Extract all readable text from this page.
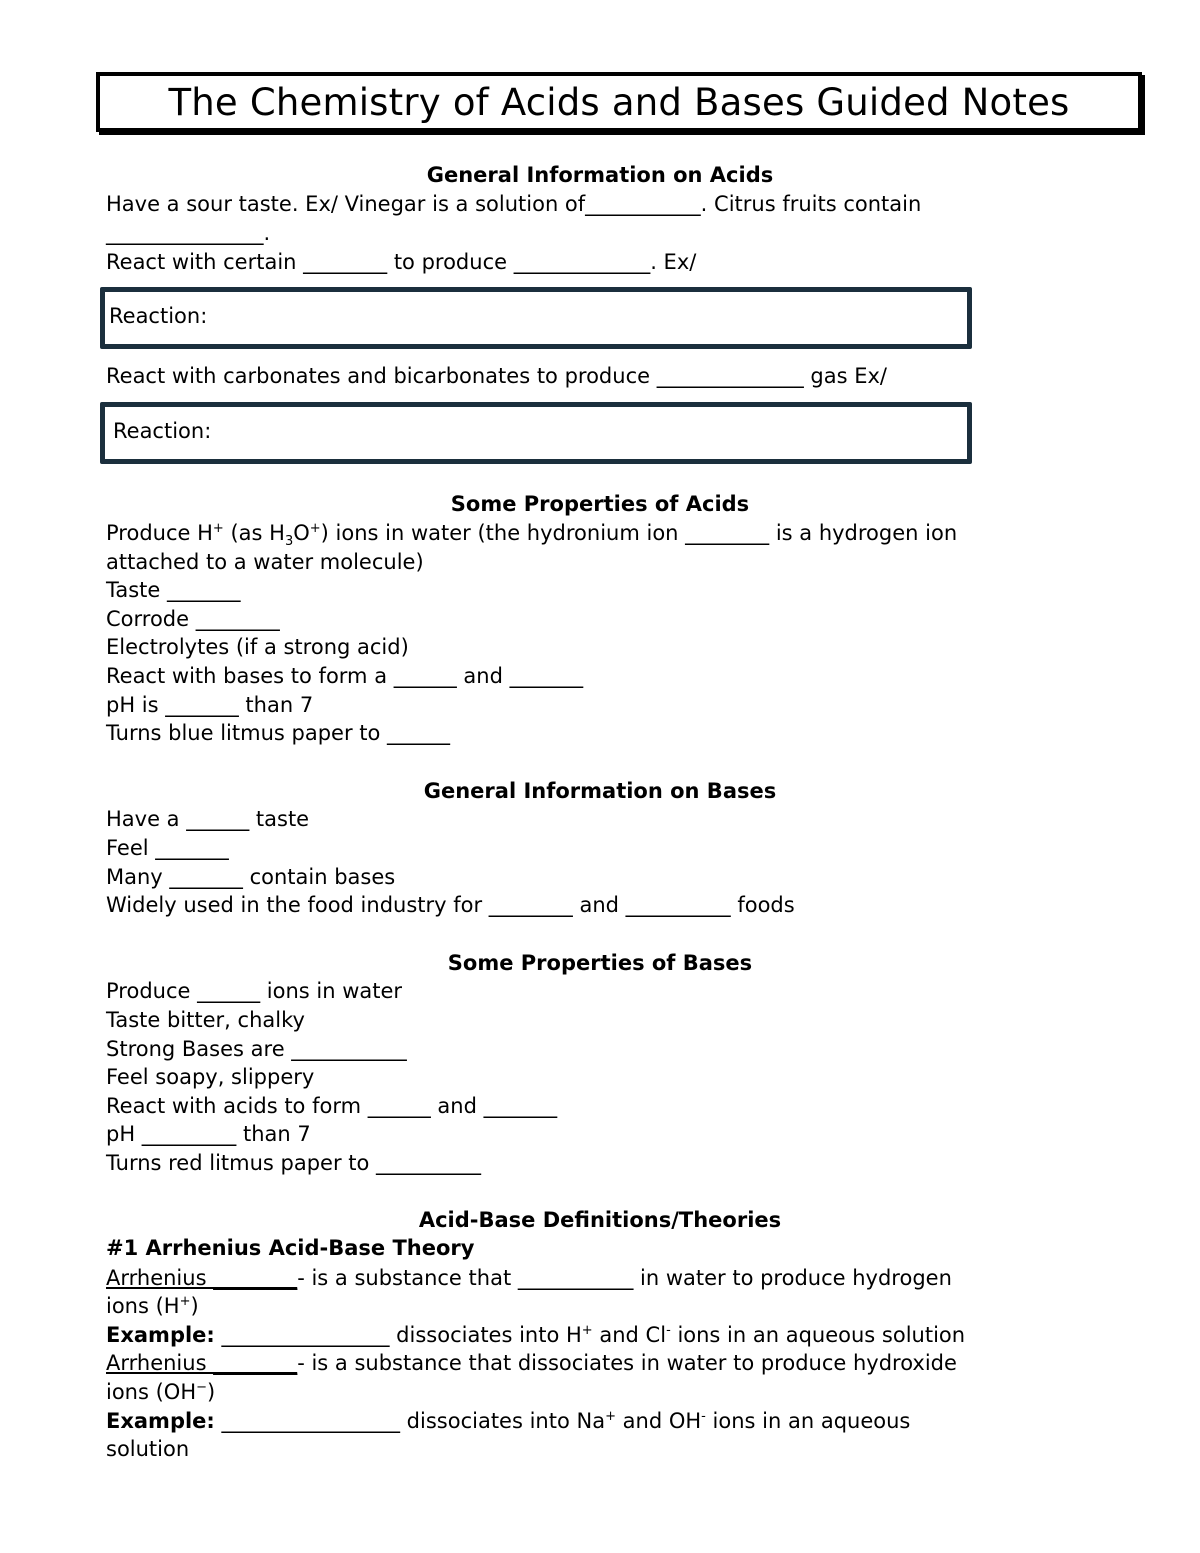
The Chemistry of Acids and Bases Guided Notes
General Information on Acids
Have a sour taste. Ex/ Vinegar is a solution of___________. Citrus fruits contain
_______________.
React with certain ________ to produce _____________. Ex/
Reaction:
React with carbonates and bicarbonates to produce ______________ gas Ex/
Reaction:
Some Properties of Acids
Produce H+ (as $H_3O^+$) ions in water (the hydronium ion ________ is a hydrogen ion
attached to a water molecule)
Taste _______
Corrode ________
Electrolytes (if a strong acid)
React with bases to form a ______ and _______
pH is _______ than 7
Turns blue litmus paper to ______
General Information on Bases
Have a ______ taste
Feel _______
Many _______ contain bases
Widely used in the food industry for ________ and __________ foods
Some Properties of Bases
Produce ______ ions in water
Taste bitter, chalky
Strong Bases are ___________
Feel soapy, slippery
React with acids to form ______ and _______
pH _________ than 7
Turns red litmus paper to __________
Acid-Base Definitions/Theories
#1 Arrhenius Acid-Base Theory
Arrhenius ________- is a substance that ___________ in water to produce hydrogen
ions (H+)
Example: ________________ dissociates into H+ and Cl- ions in an aqueous solution
Arrhenius ________- is a substance that dissociates in water to produce hydroxide
ions (OH−)
Example: _________________ dissociates into Na+ and OH- ions in an aqueous
solution
